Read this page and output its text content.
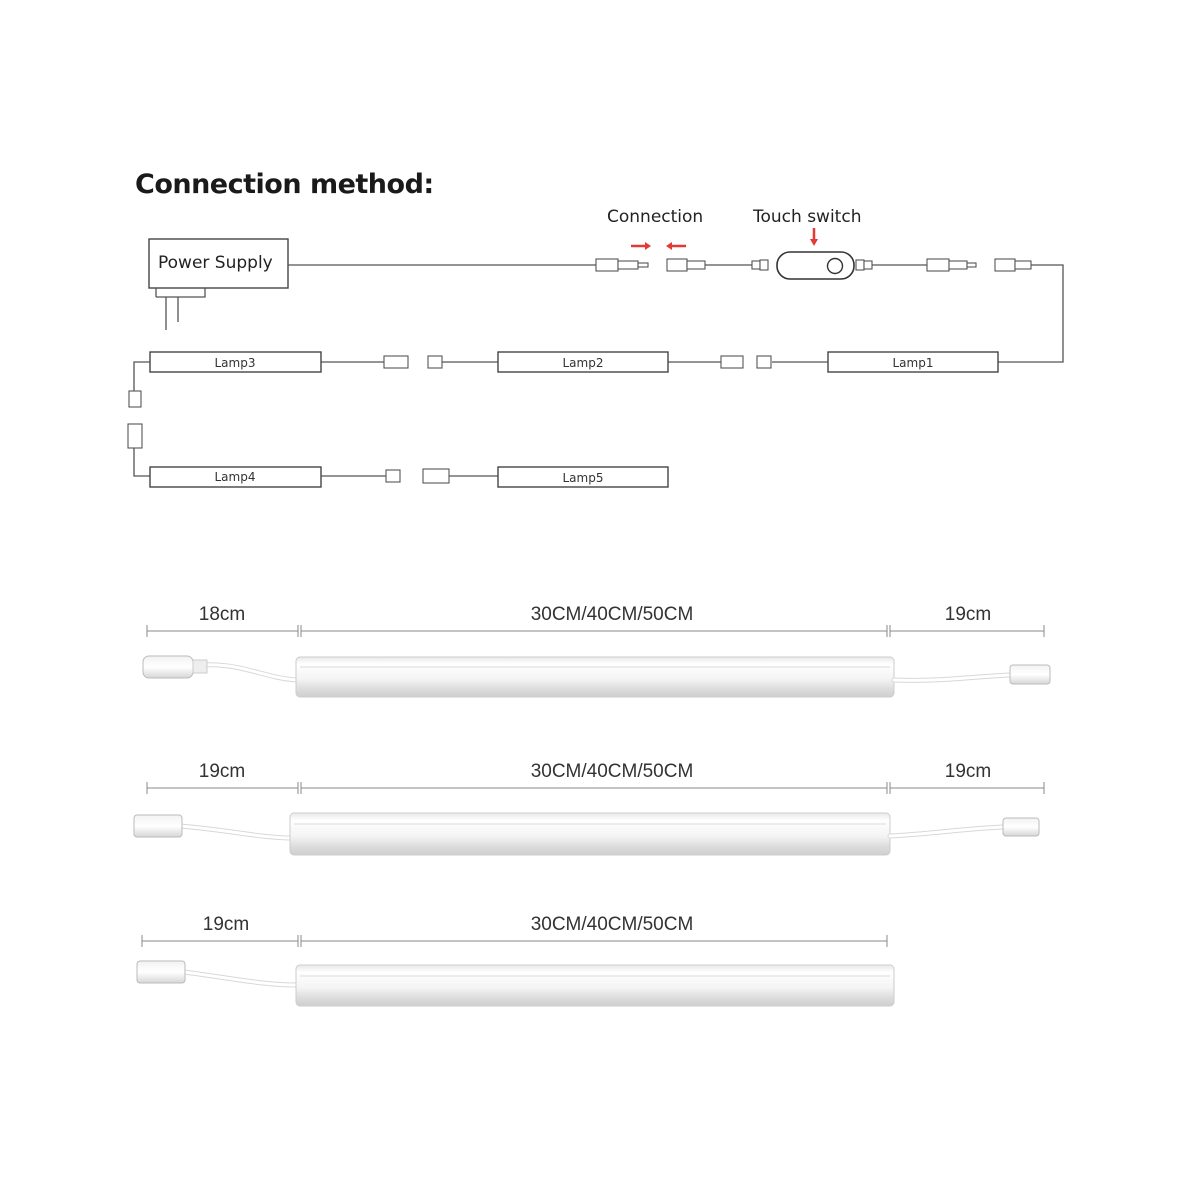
Connection method:
Power Supply
Connection	Touch switch
Lamp1
Lamp2
Lamp3
Lamp4	Lamp5
18cm	30CM/40CM/50CM	19cm
19cm	30CM/40CM/50CM	19cm
19cm	30CM/40CM/50CM
